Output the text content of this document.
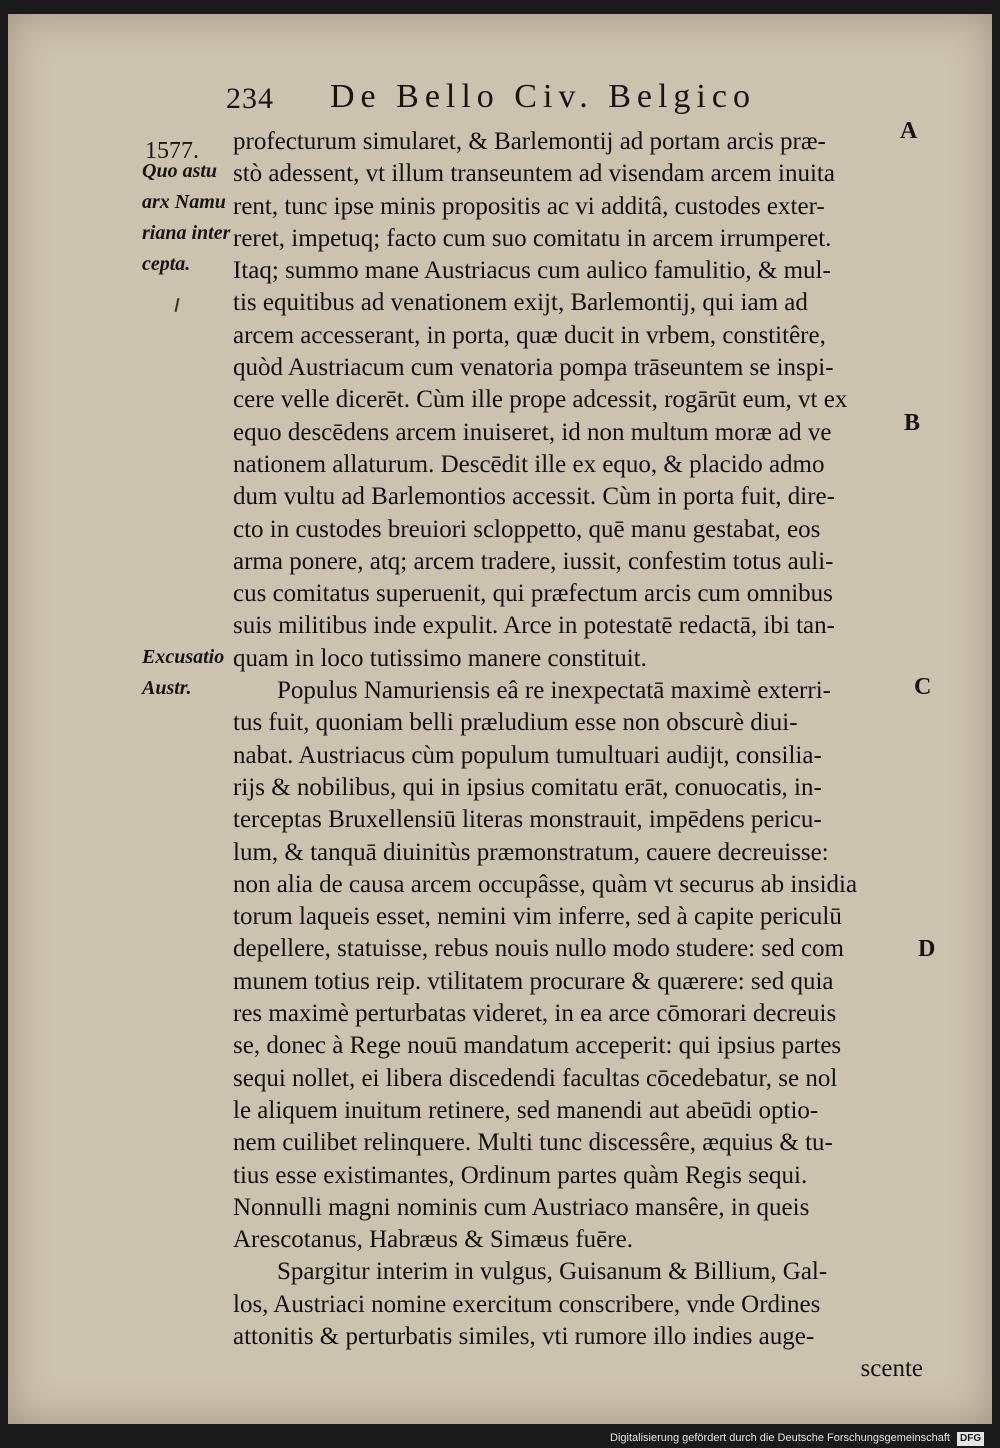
234 De Bello Civ. Belgico
1577.
Quo astu
arx Namu
riana inter
cepta.
Excusatio
Austr.
A
B
C
D
profecturum simularet, & Barlemontij ad portam arcis præ-
stò adessent, vt illum transeuntem ad visendam arcem inuita
rent, tunc ipse minis propositis ac vi additâ, custodes exter-
reret, impetuq; facto cum suo comitatu in arcem irrumperet.
Itaq; summo mane Austriacus cum aulico famulitio, & mul-
tis equitibus ad venationem exijt, Barlemontij, qui iam ad
arcem accesserant, in porta, quæ ducit in vrbem, constitêre,
quòd Austriacum cum venatoria pompa trāseuntem se inspi-
cere velle dicerēt. Cùm ille prope adcessit, rogārūt eum, vt ex
equo descēdens arcem inuiseret, id non multum moræ ad ve
nationem allaturum. Descēdit ille ex equo, & placido admo
dum vultu ad Barlemontios accessit. Cùm in porta fuit, dire-
cto in custodes breuiori scloppetto, quē manu gestabat, eos
arma ponere, atq; arcem tradere, iussit, confestim totus auli-
cus comitatus superuenit, qui præfectum arcis cum omnibus
suis militibus inde expulit. Arce in potestatē redactā, ibi tan-
quam in loco tutissimo manere constituit.
Populus Namuriensis eâ re inexpectatā maximè exterri-
tus fuit, quoniam belli præludium esse non obscurè diui-
nabat. Austriacus cùm populum tumultuari audijt, consilia-
rijs & nobilibus, qui in ipsius comitatu erāt, conuocatis, in-
terceptas Bruxellensiū literas monstrauit, impēdens pericu-
lum, & tanquā diuinitùs præmonstratum, cauere decreuisse:
non alia de causa arcem occupâsse, quàm vt securus ab insidia
torum laqueis esset, nemini vim inferre, sed à capite periculū
depellere, statuisse, rebus nouis nullo modo studere: sed com
munem totius reip. vtilitatem procurare & quærere: sed quia
res maximè perturbatas videret, in ea arce cōmorari decreuis
se, donec à Rege nouū mandatum acceperit: qui ipsius partes
sequi nollet, ei libera discedendi facultas cōcedebatur, se nol
le aliquem inuitum retinere, sed manendi aut abeūdi optio-
nem cuilibet relinquere. Multi tunc discessêre, æquius & tu-
tius esse existimantes, Ordinum partes quàm Regis sequi.
Nonnulli magni nominis cum Austriaco mansêre, in queis
Arescotanus, Habræus & Simæus fuēre.
Spargitur interim in vulgus, Guisanum & Billium, Gal-
los, Austriaci nomine exercitum conscribere, vnde Ordines
attonitis & perturbatis similes, vti rumore illo indies auge-
scente
Digitalisierung gefördert durch die Deutsche Forschungsgemeinschaft DFG
